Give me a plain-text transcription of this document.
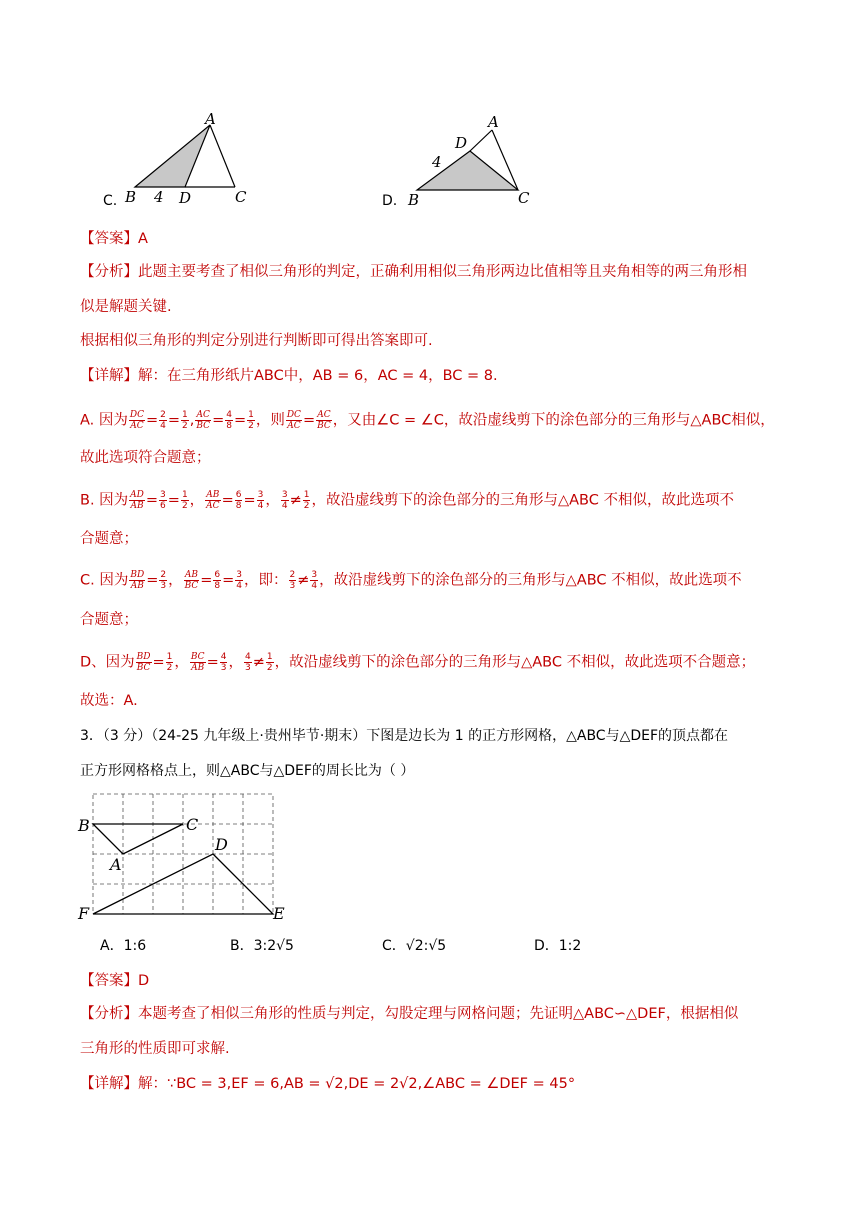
A
B 4 D	C
C.
A
D
4
B	C
D.
【答案】A
【分析】此题主要考查了相似三角形的判定，正确利用相似三角形两边比值相等且夹角相等的两三角形相
似是解题关键.
根据相似三角形的判定分别进行判断即可得出答案即可.
【详解】解：在三角形纸片ABC中，AB = 6，AC = 4，BC = 8.
A. 因为 $\frac{DC}{AC} = \frac{2}{4} = \frac{1}{2}$ , $\frac{AC}{BC} = \frac{4}{8} = \frac{1}{2}$ ，则 $\frac{DC}{AC} = \frac{AC}{BC}$ ，又由∠C = ∠C，故沿虚线剪下的涂色部分的三角形与△ABC相似，
故此选项符合题意；
B. 因为 $\frac{AD}{AB} = \frac{3}{6} = \frac{1}{2}$ ， $\frac{AB}{AC} = \frac{6}{8} = \frac{3}{4}$ ， $\frac{3}{4} \ne \frac{1}{2}$ ，故沿虚线剪下的涂色部分的三角形与△ABC 不相似，故此选项不
合题意；
C. 因为 $\frac{BD}{AB} = \frac{2}{3}$ ， $\frac{AB}{BC} = \frac{6}{8} = \frac{3}{4}$ ，即： $\frac{2}{3} \ne \frac{3}{4}$ ，故沿虚线剪下的涂色部分的三角形与△ABC 不相似，故此选项不
合题意；
D、因为 $\frac{BD}{BC} = \frac{1}{2}$ ， $\frac{BC}{AB} = \frac{4}{3}$ ， $\frac{4}{3} \ne \frac{1}{2}$ ，故沿虚线剪下的涂色部分的三角形与△ABC 不相似，故此选项不合题意；
故选：A.
3．（3 分）（24-25 九年级上·贵州毕节·期末）下图是边长为 1 的正方形网格，△ABC与△DEF的顶点都在
正方形网格格点上，则△ABC与△DEF的周长比为（ ）
B	C
A
D
F	E
A．1:6	B．3:2√5	C．√2:√5	D．1:2
【答案】D
【分析】本题考查了相似三角形的性质与判定，勾股定理与网格问题；先证明△ABC∽△DEF，根据相似
三角形的性质即可求解.
【详解】解：∵BC = 3,EF = 6,AB = √2,DE = 2√2,∠ABC = ∠DEF = 45°
